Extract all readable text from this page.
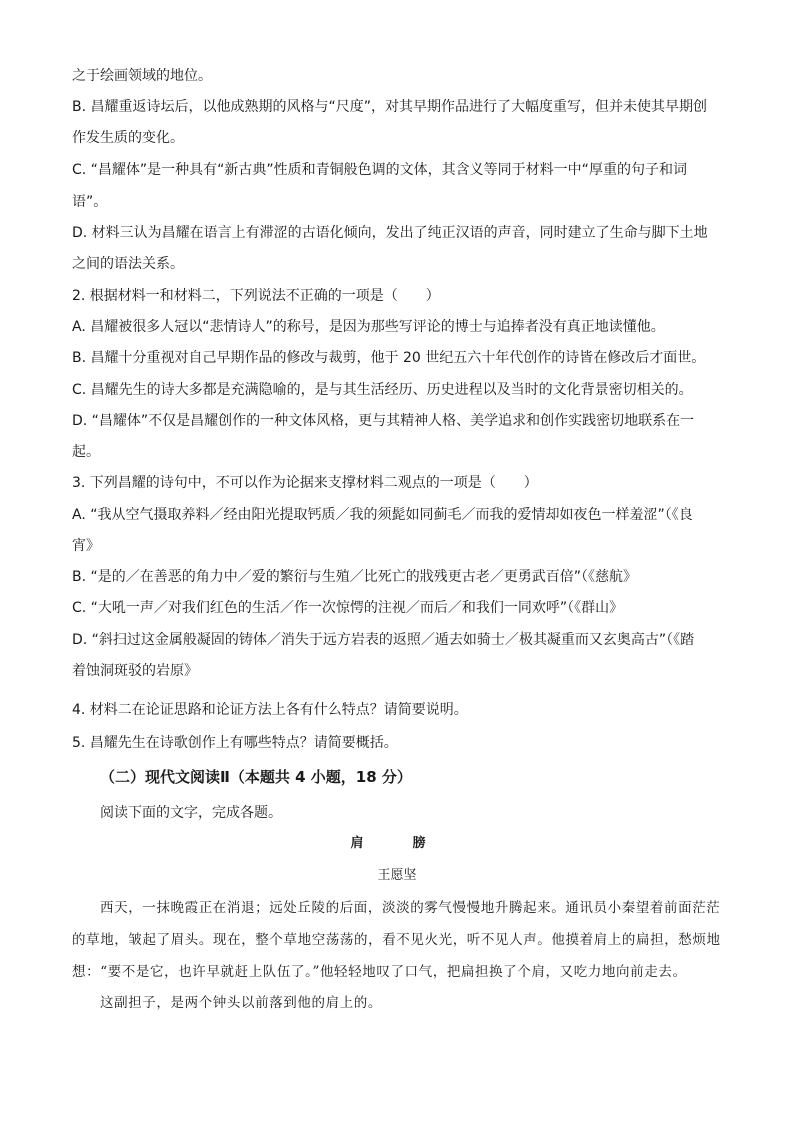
之于绘画领域的地位。
B. 昌耀重返诗坛后，以他成熟期的风格与“尺度”，对其早期作品进行了大幅度重写，但并未使其早期创
作发生质的变化。
C. “昌耀体”是一种具有“新古典”性质和青铜般色调的文体，其含义等同于材料一中“厚重的句子和词
语”。
D. 材料三认为昌耀在语言上有滞涩的古语化倾向，发出了纯正汉语的声音，同时建立了生命与脚下土地
之间的语法关系。
2. 根据材料一和材料二，下列说法不正确的一项是（　　）
A. 昌耀被很多人冠以“悲情诗人”的称号，是因为那些写评论的博士与追捧者没有真正地读懂他。
B. 昌耀十分重视对自己早期作品的修改与裁剪，他于 20 世纪五六十年代创作的诗皆在修改后才面世。
C. 昌耀先生的诗大多都是充满隐喻的，是与其生活经历、历史进程以及当时的文化背景密切相关的。
D. “昌耀体”不仅是昌耀创作的一种文体风格，更与其精神人格、美学追求和创作实践密切地联系在一
起。
3. 下列昌耀的诗句中，不可以作为论据来支撑材料二观点的一项是（　　）
A. “我从空气摄取养料／经由阳光提取钙质／我的须髭如同蓟毛／而我的爱情却如夜色一样羞涩”（《良
宵》
B. “是的／在善恶的角力中／爱的繁衍与生殖／比死亡的戕残更古老／更勇武百倍”（《慈航》
C. “大吼一声／对我们红色的生活／作一次惊愕的注视／而后／和我们一同欢呼”（《群山》
D. “斜扫过这金属般凝固的铸体／消失于远方岩表的返照／遁去如骑士／极其凝重而又玄奥高古”（《踏
着蚀洞斑驳的岩原》
4. 材料二在论证思路和论证方法上各有什么特点？请简要说明。
5. 昌耀先生在诗歌创作上有哪些特点？请简要概括。
（二）现代文阅读Ⅱ（本题共 4 小题，18 分）
阅读下面的文字，完成各题。
肩　膀
王愿坚
西天，一抹晚霞正在消退；远处丘陵的后面，淡淡的雾气慢慢地升腾起来。通讯员小秦望着前面茫茫
的草地，皱起了眉头。现在，整个草地空荡荡的，看不见火光，听不见人声。他摸着肩上的扁担，愁烦地
想：“要不是它，也许早就赶上队伍了。”他轻轻地叹了口气，把扁担换了个肩，又吃力地向前走去。
这副担子，是两个钟头以前落到他的肩上的。
